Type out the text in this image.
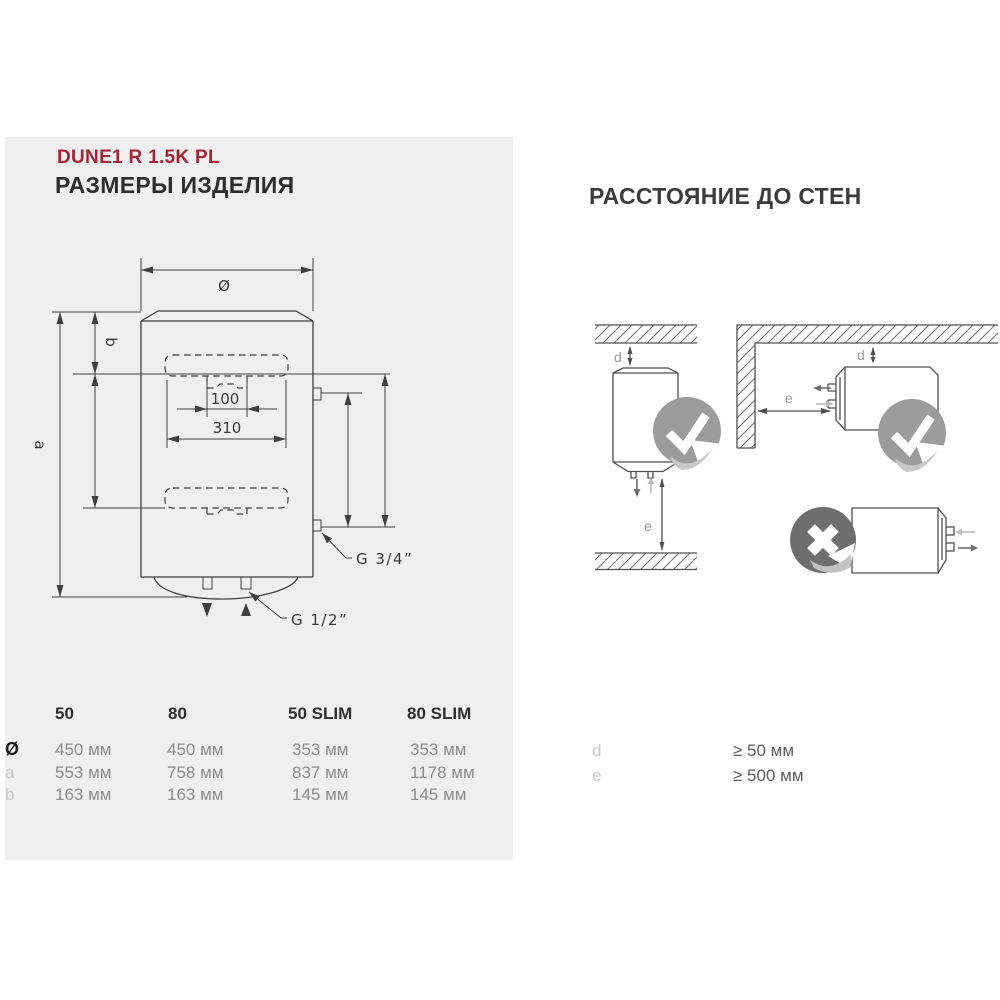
DUNE1 R 1.5K PL
РАЗМЕРЫ ИЗДЕЛИЯ	РАССТОЯНИЕ ДО СТЕН
Ø
b
a
100
310
G 3/4”
G 1/2”
d
e
d
e
50	80	50 SLIM	80 SLIM
Ø 450 мм	450 мм	353 мм	353 мм
a 553 мм	758 мм	837 мм	1178 мм
b 163 мм	163 мм	145 мм	145 мм
d	≥ 50 мм
e	≥ 500 мм
